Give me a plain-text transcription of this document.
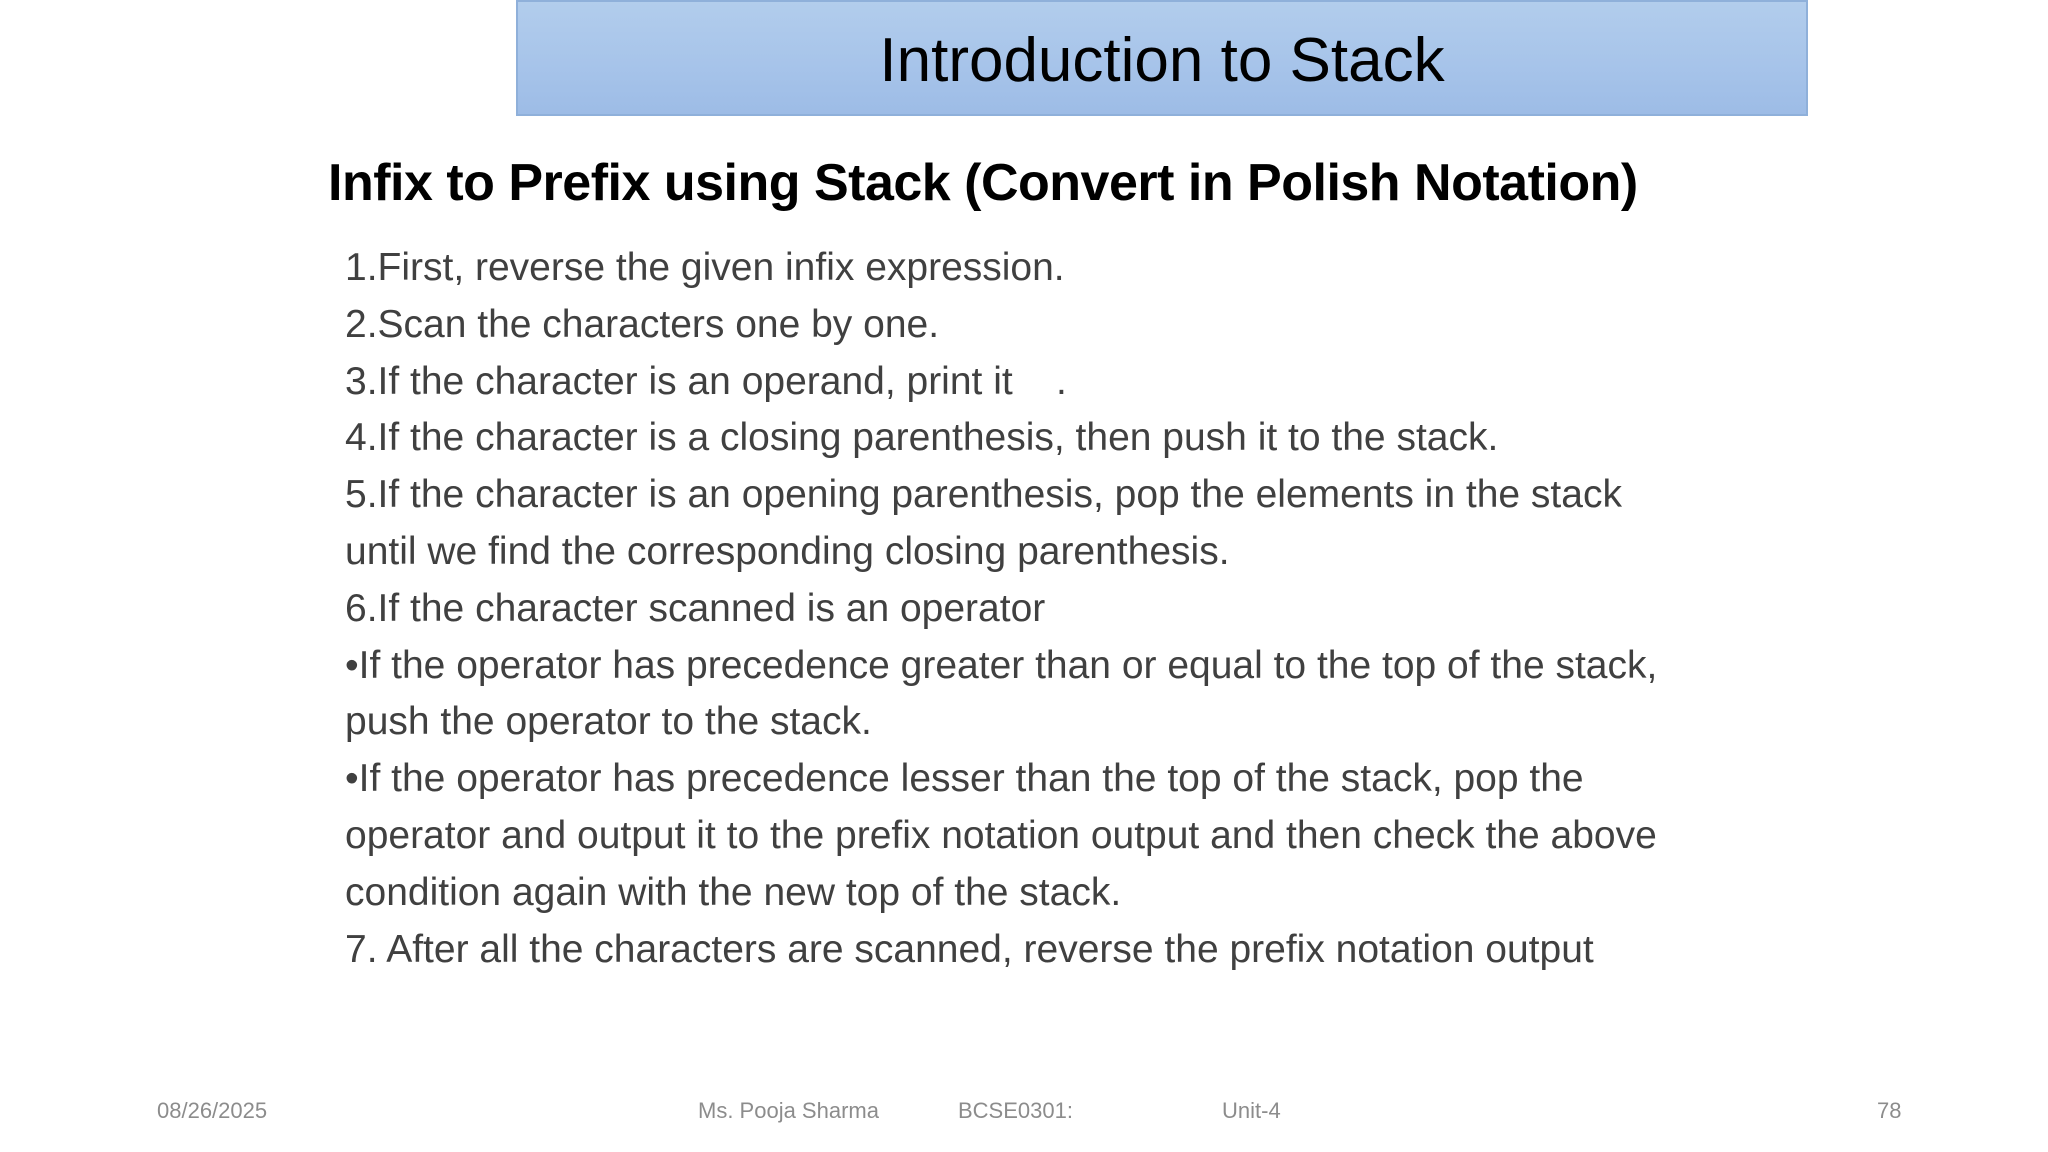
Introduction to Stack
Infix to Prefix using Stack (Convert in Polish Notation)
1.First, reverse the given infix expression.
2.Scan the characters one by one.
3.If the character is an operand, print it    .
4.If the character is a closing parenthesis, then push it to the stack.
5.If the character is an opening parenthesis, pop the elements in the stack until we find the corresponding closing parenthesis.
6.If the character scanned is an operator
•If the operator has precedence greater than or equal to the top of the stack, push the operator to the stack.
•If the operator has precedence lesser than the top of the stack, pop the operator and output it to the prefix notation output and then check the above condition again with the new top of the stack.
7. After all the characters are scanned, reverse the prefix notation output
08/26/2025	Ms. Pooja Sharma	BCSE0301:	Unit-4	78
